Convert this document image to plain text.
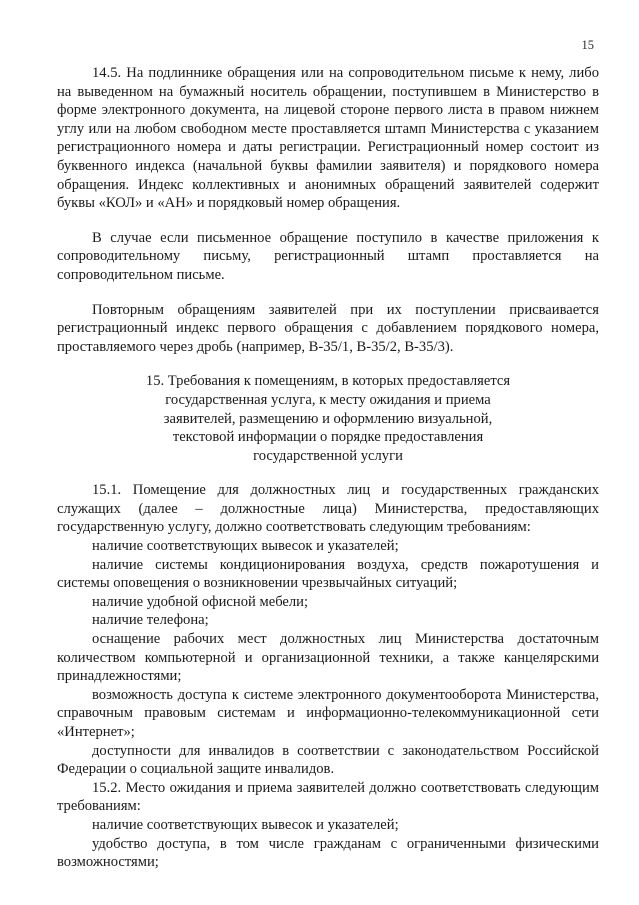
15

14.5. На подлиннике обращения или на сопроводительном письме к нему, либо на выведенном на бумажный носитель обращении, поступившем в Министерство в форме электронного документа, на лицевой стороне первого листа в правом нижнем углу или на любом свободном месте проставляется штамп Министерства с указанием регистрационного номера и даты регистрации. Регистрационный номер состоит из буквенного индекса (начальной буквы фамилии заявителя) и порядкового номера обращения. Индекс коллективных и анонимных обращений заявителей содержит буквы «КОЛ» и «АН» и порядковый номер обращения.

В случае если письменное обращение поступило в качестве приложения к сопроводительному письму, регистрационный штамп проставляется на сопроводительном письме.

Повторным обращениям заявителей при их поступлении присваивается регистрационный индекс первого обращения с добавлением порядкового номера, проставляемого через дробь (например, В-35/1, В-35/2, В-35/3).

15. Требования к помещениям, в которых предоставляется
государственная услуга, к месту ожидания и приема
заявителей, размещению и оформлению визуальной,
текстовой информации о порядке предоставления
государственной услуги

15.1. Помещение для должностных лиц и государственных гражданских служащих (далее – должностные лица) Министерства, предоставляющих государственную услугу, должно соответствовать следующим требованиям:

наличие соответствующих вывесок и указателей;

наличие системы кондиционирования воздуха, средств пожаротушения и системы оповещения о возникновении чрезвычайных ситуаций;

наличие удобной офисной мебели;

наличие телефона;

оснащение рабочих мест должностных лиц Министерства достаточным количеством компьютерной и организационной техники, а также канцелярскими принадлежностями;

возможность доступа к системе электронного документооборота Министерства, справочным правовым системам и информационно-телекоммуникационной сети «Интернет»;

доступности для инвалидов в соответствии с законодательством Российской Федерации о социальной защите инвалидов.

15.2. Место ожидания и приема заявителей должно соответствовать следующим требованиям:

наличие соответствующих вывесок и указателей;

удобство доступа, в том числе гражданам с ограниченными физическими возможностями;
